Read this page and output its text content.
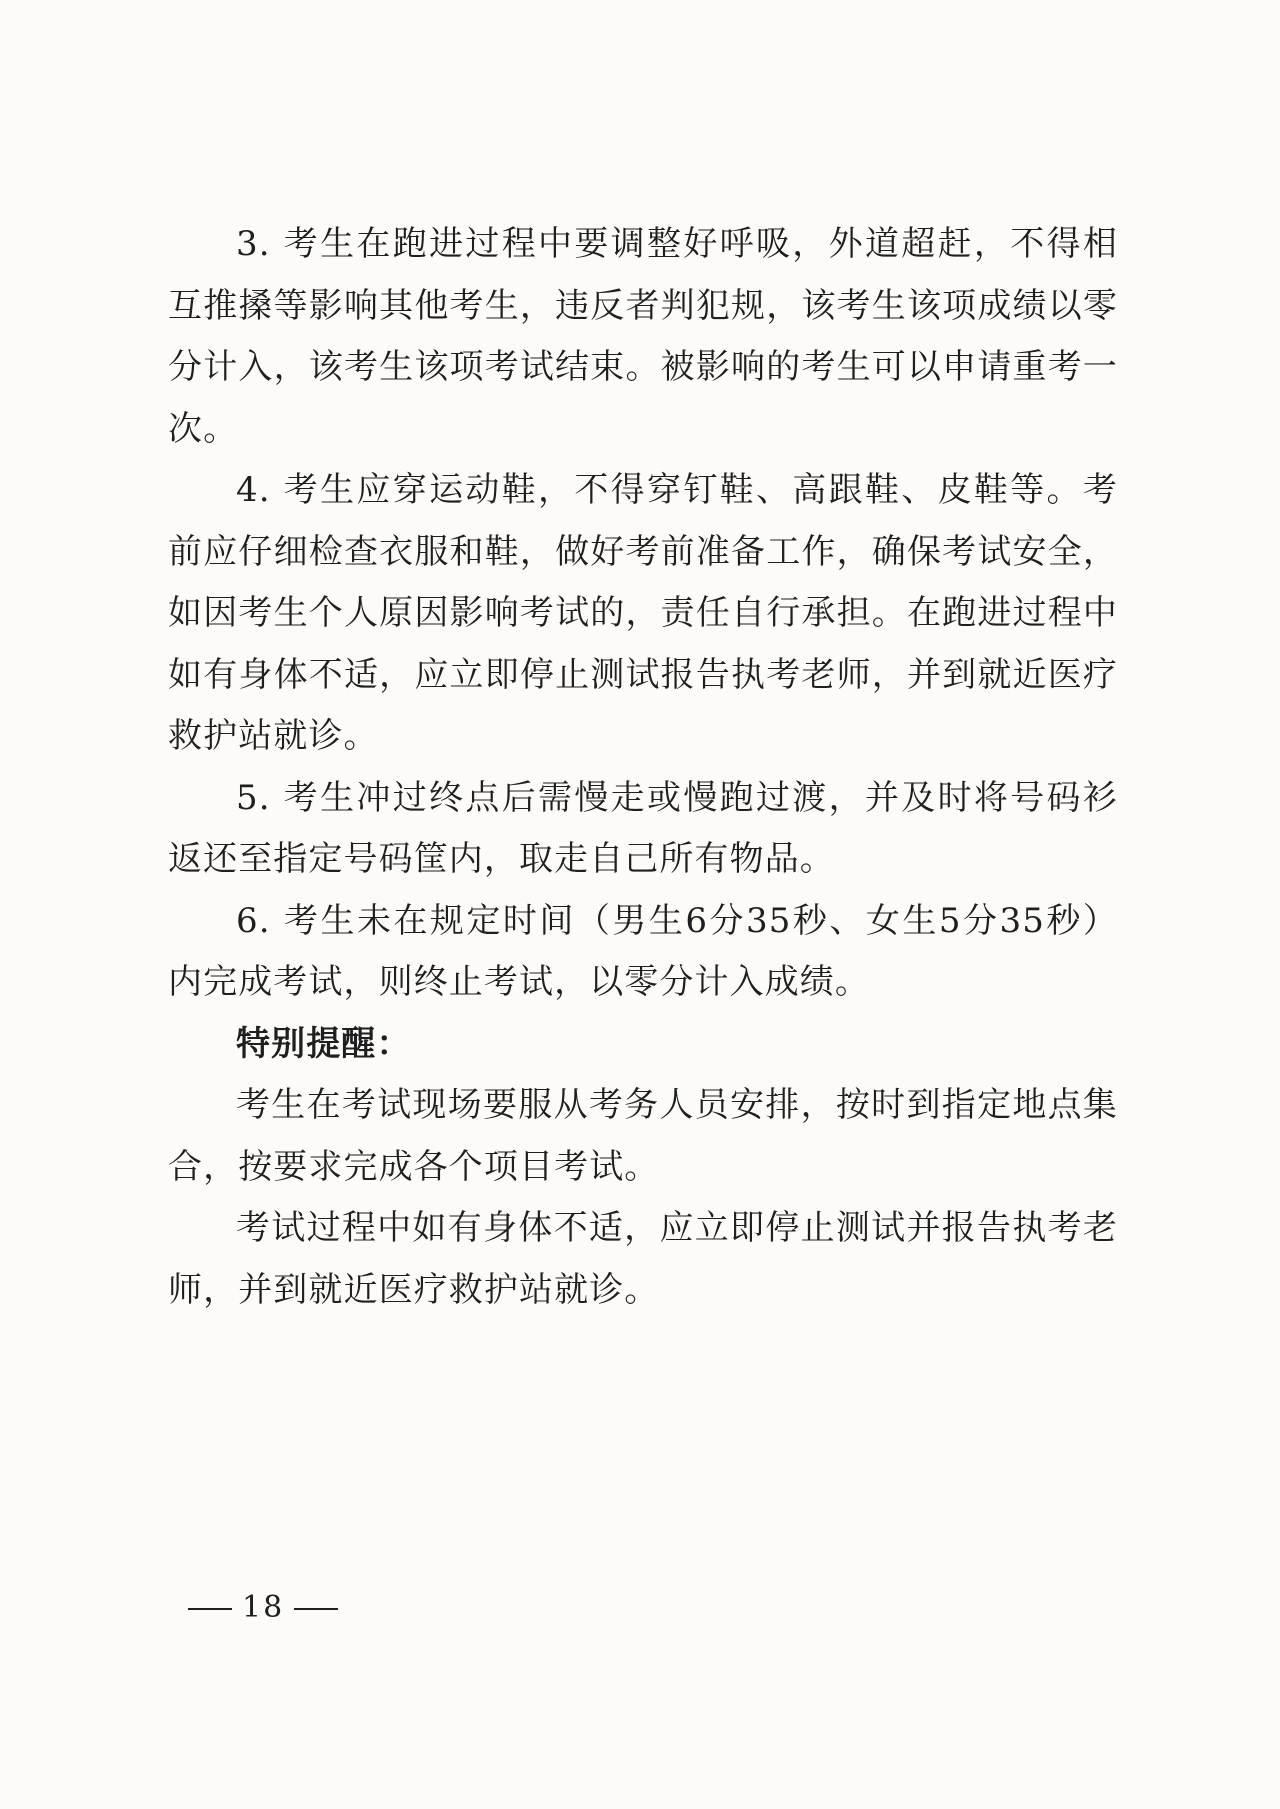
3. 考生在跑进过程中要调整好呼吸，外道超赶，不得相互推搡等影响其他考生，违反者判犯规，该考生该项成绩以零分计入，该考生该项考试结束。被影响的考生可以申请重考一次。

4. 考生应穿运动鞋，不得穿钉鞋、高跟鞋、皮鞋等。考前应仔细检查衣服和鞋，做好考前准备工作，确保考试安全，如因考生个人原因影响考试的，责任自行承担。在跑进过程中如有身体不适，应立即停止测试报告执考老师，并到就近医疗救护站就诊。

5. 考生冲过终点后需慢走或慢跑过渡，并及时将号码衫返还至指定号码筐内，取走自己所有物品。

6. 考生未在规定时间（男生6分35秒、女生5分35秒）内完成考试，则终止考试，以零分计入成绩。

特别提醒：

考生在考试现场要服从考务人员安排，按时到指定地点集合，按要求完成各个项目考试。

考试过程中如有身体不适，应立即停止测试并报告执考老师，并到就近医疗救护站就诊。

18
